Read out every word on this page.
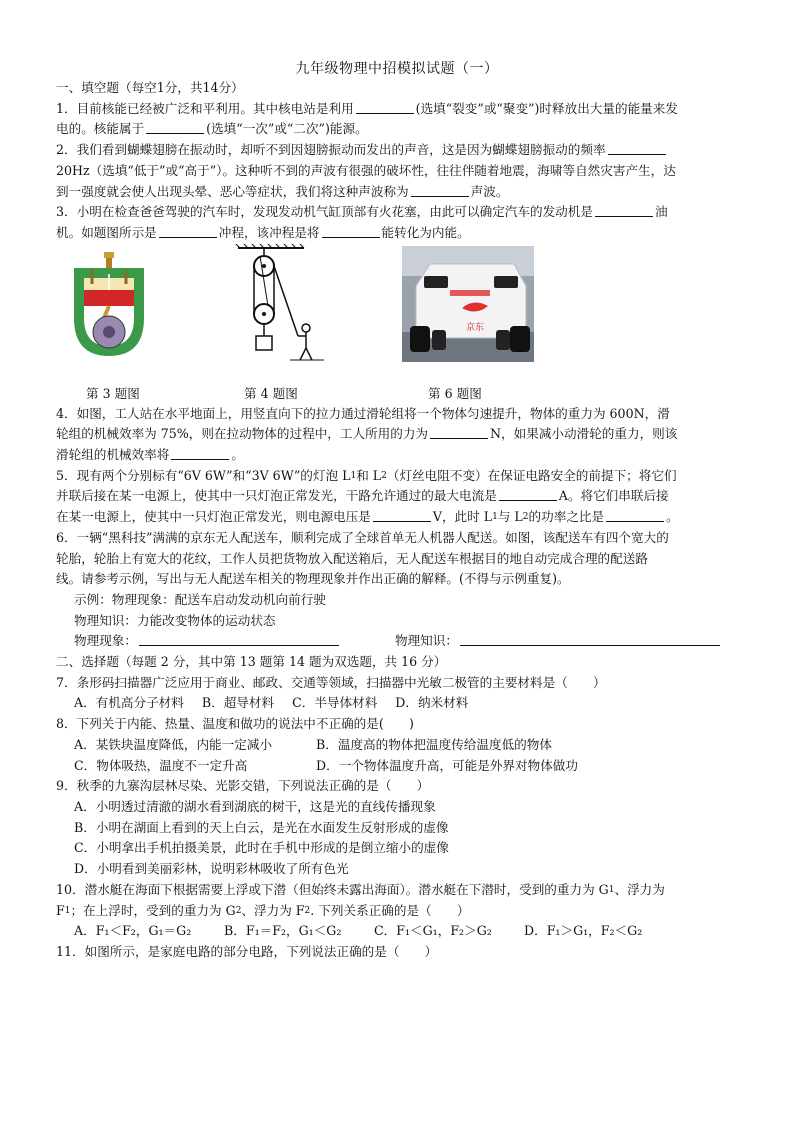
九年级物理中招模拟试题（一）
一、填空题（每空1分，共14分）
1．目前核能已经被广泛和平利用。其中核电站是利用	(选填“裂变”或“聚变”)时释放出大量的能量来发
电的。核能属于	(选填“一次”或“二次”)能源。
2．我们看到蝴蝶翅膀在振动时，却听不到因翅膀振动而发出的声音，这是因为蝴蝶翅膀振动的频率
20Hz（选填“低于”或“高于”）。这种听不到的声波有很强的破坏性，往往伴随着地震，海啸等自然灾害产生，达
到一强度就会使人出现头晕、恶心等症状，我们将这种声波称为	声波。
3．小明在检查爸爸驾驶的汽车时，发现发动机气缸顶部有火花塞，由此可以确定汽车的发动机是	油
机。如题图所示是	冲程，该冲程是将	能转化为内能。
京东
第 3 题图	第 4 题图	第 6 题图
4．如图，工人站在水平地面上，用竖直向下的拉力通过滑轮组将一个物体匀速提升，物体的重力为 600N，滑
轮组的机械效率为 75%，则在拉动物体的过程中，工人所用的力为	N，如果减小动滑轮的重力，则该
滑轮组的机械效率将	。
5．现有两个分别标有“6V 6W”和“3V 6W”的灯泡 L 1 和 L 2 （灯丝电阻不变）在保证电路安全的前提下；将它们
并联后接在某一电源上，使其中一只灯泡正常发光，干路允许通过的最大电流是	A。将它们串联后接
在某一电源上，使其中一只灯泡正常发光，则电源电压是	V，此时 L 1 与 L 2 的功率之比是	。
6．一辆“黑科技”满满的京东无人配送车，顺利完成了全球首单无人机器人配送。如图，该配送车有四个宽大的
轮胎，轮胎上有宽大的花纹，工作人员把货物放入配送箱后，无人配送车根据目的地自动完成合理的配送路
线。请参考示例，写出与无人配送车相关的物理现象并作出正确的解释。(不得与示例重复)。
示例：物理现象：配送车启动发动机向前行驶
物理知识：力能改变物体的运动状态
物理现象：	物理知识：
二、选择题（每题 2 分，其中第 13 题第 14 题为双选题，共 16 分）
7．条形码扫描器广泛应用于商业、邮政、交通等领域，扫描器中光敏二极管的主要材料是（　　）
A．有机高分子材料 B．超导材料 C．半导体材料 D．纳米材料
8．下列关于内能、热量、温度和做功的说法中不正确的是(　　)
A．某铁块温度降低，内能一定减小	B．温度高的物体把温度传给温度低的物体
C．物体吸热，温度不一定升高	D．一个物体温度升高，可能是外界对物体做功
9．秋季的九寨沟层林尽染、光影交错，下列说法正确的是（　　）
A．小明透过清澈的湖水看到湖底的树干，这是光的直线传播现象
B．小明在湖面上看到的天上白云，是光在水面发生反射形成的虚像
C．小明拿出手机拍摄美景，此时在手机中形成的是倒立缩小的虚像
D．小明看到美丽彩林，说明彩林吸收了所有色光
10．潜水艇在海面下根据需要上浮或下潜（但始终未露出海面）。潜水艇在下潜时，受到的重力为 G 1 、浮力为
F 1 ；在上浮时，受到的重力为 G 2 、浮力为 F 2 . 下列关系正确的是（　　）
A．F₁＜F₂，G₁＝G₂	B．F₁＝F₂，G₁＜G₂	C．F₁＜G₁，F₂＞G₂	D．F₁＞G₁，F₂＜G₂
11．如图所示，是家庭电路的部分电路，下列说法正确的是（　　）
